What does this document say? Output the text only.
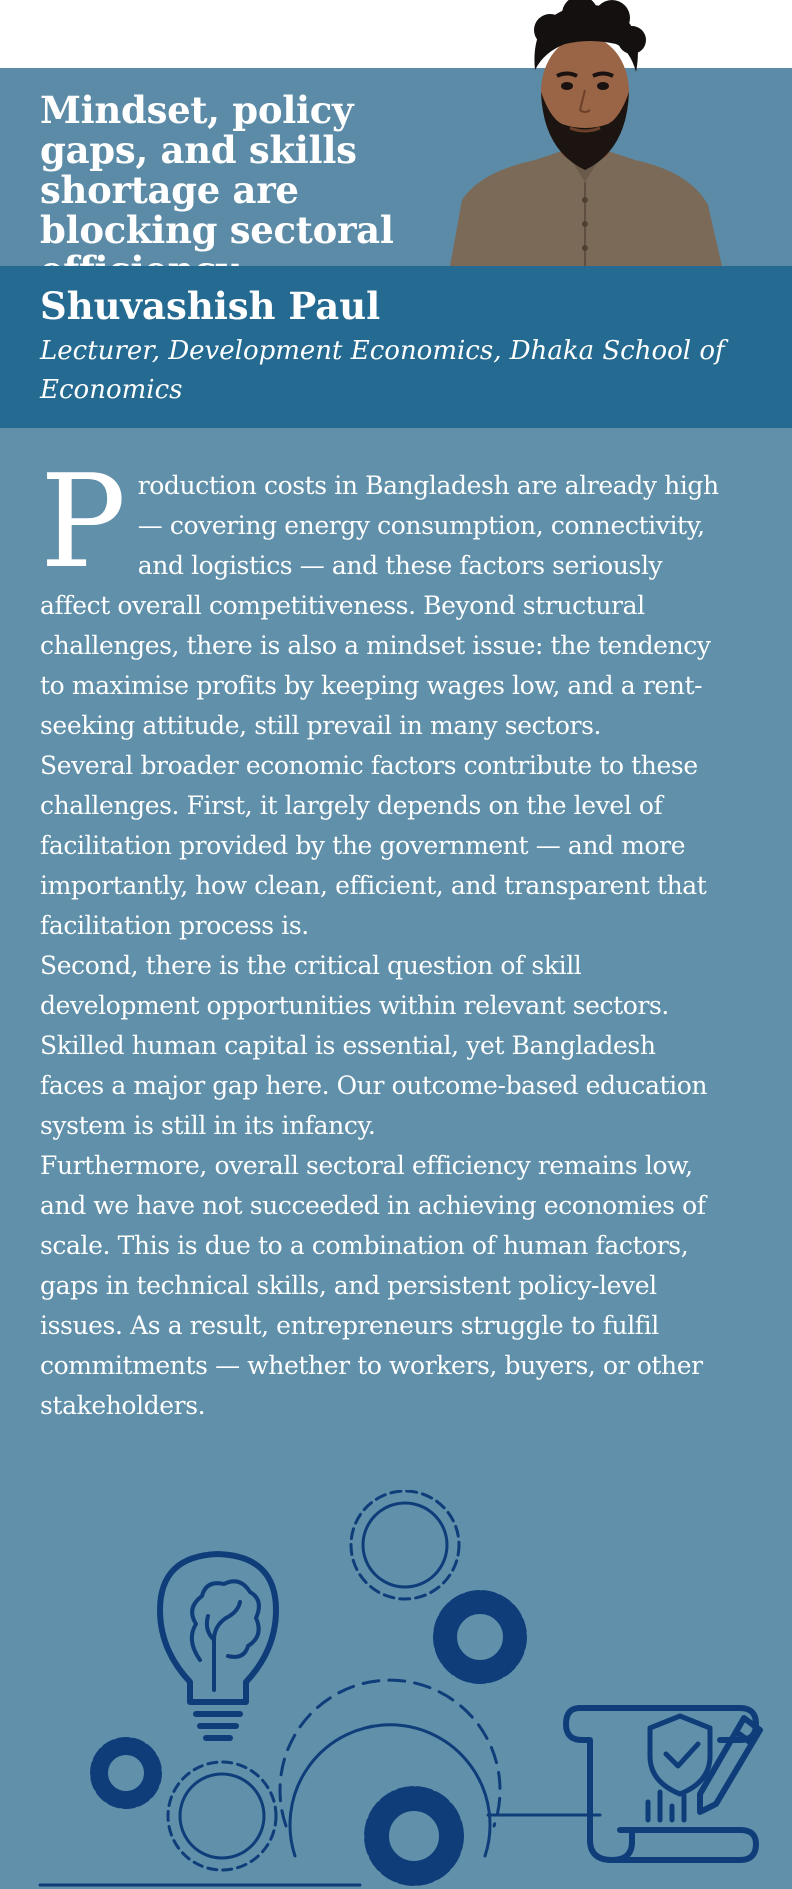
Mindset, policy gaps, and skills shortage are blocking sectoral
Shuvashish Paul

Lecturer, Development Economics, Dhaka School of Economics

Production costs in Bangladesh are already high— covering energy consumption, connectivity, and logistics — and these factors seriously affect overall competitiveness. Beyond structural challenges, there is also a mindset issue: the tendency to maximise profits by keeping wages low, and a rent-seeking attitude, still prevail in many sectors.

Several broader economic factors contribute to these challenges. First, it largely depends on the level of facilitation provided by the government — and more importantly, how clean, efficient, and transparent that facilitation process is.

Second, there is the critical question of skill development opportunities within relevant sectors. Skilled human capital is essential, yet Bangladesh faces a major gap here. Our outcome-based education system is still in its infancy.

Furthermore, overall sectoral efficiency remains low, and we have not succeeded in achieving economies of scale. This is due to a combination of human factors, gaps in technical skills, and persistent policy-level issues. As a result, entrepreneurs struggle to fulfil commitments — whether to workers, buyers, or other stakeholders.
